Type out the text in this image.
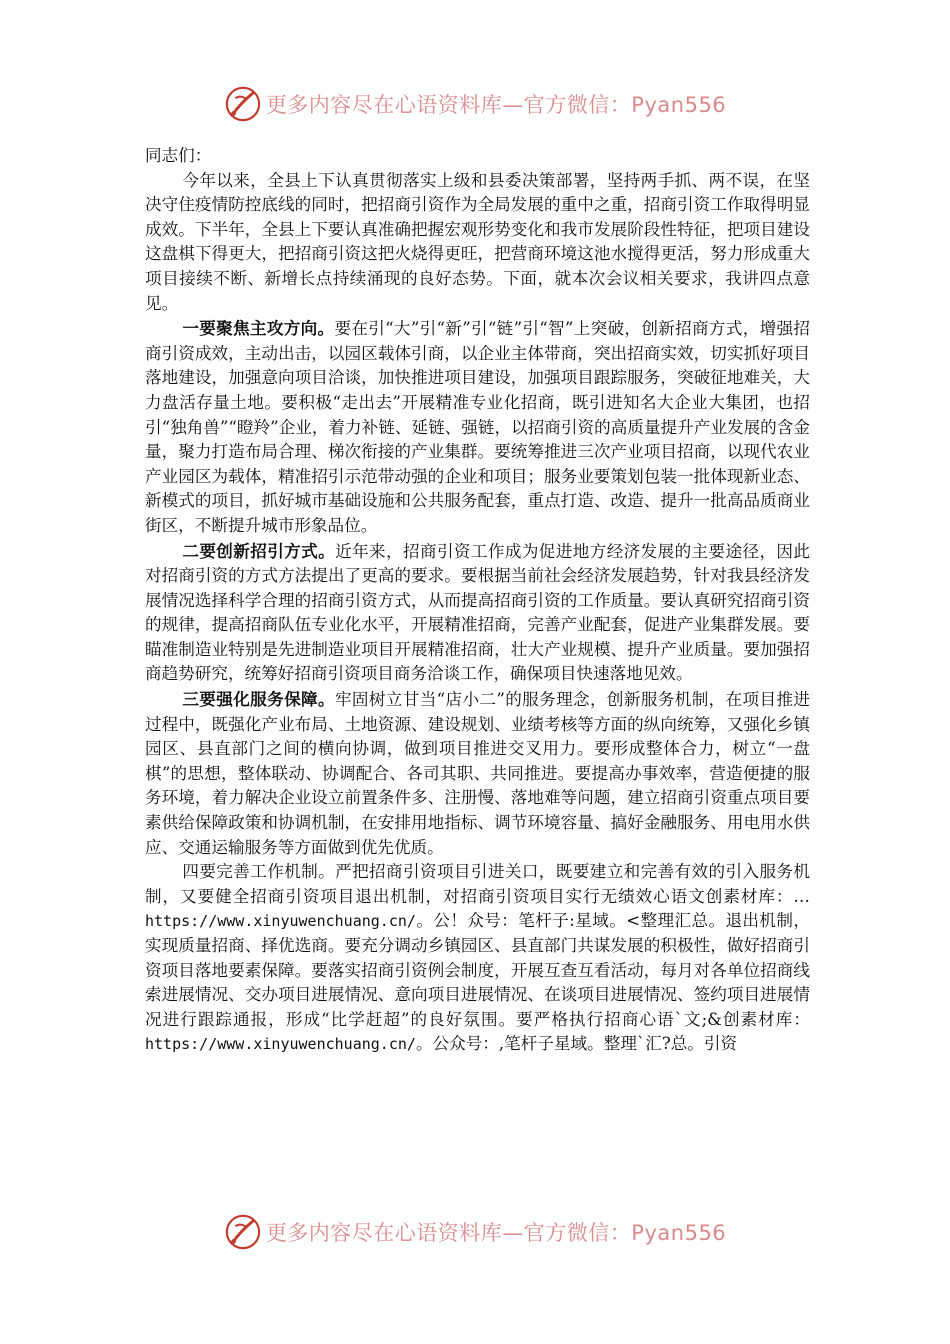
更多内容尽在心语资料库—官方微信：Pyan556

同志们：

今年以来，全县上下认真贯彻落实上级和县委决策部署，坚持两手抓、两不误，在坚决守住疫情防控底线的同时，把招商引资作为全局发展的重中之重，招商引资工作取得明显成效。下半年，全县上下要认真准确把握宏观形势变化和我市发展阶段性特征，把项目建设这盘棋下得更大，把招商引资这把火烧得更旺，把营商环境这池水搅得更活，努力形成重大项目接续不断、新增长点持续涌现的良好态势。下面，就本次会议相关要求，我讲四点意见。

一要聚焦主攻方向。要在引“大”引“新”引“链”引“智”上突破，创新招商方式，增强招商引资成效，主动出击，以园区载体引商，以企业主体带商，突出招商实效，切实抓好项目落地建设，加强意向项目洽谈，加快推进项目建设，加强项目跟踪服务，突破征地难关，大力盘活存量土地。要积极“走出去”开展精准专业化招商，既引进知名大企业大集团，也招引“独角兽”“瞪羚”企业，着力补链、延链、强链，以招商引资的高质量提升产业发展的含金量，聚力打造布局合理、梯次衔接的产业集群。要统筹推进三次产业项目招商，以现代农业产业园区为载体，精准招引示范带动强的企业和项目；服务业要策划包装一批体现新业态、新模式的项目，抓好城市基础设施和公共服务配套，重点打造、改造、提升一批高品质商业街区，不断提升城市形象品位。

二要创新招引方式。近年来，招商引资工作成为促进地方经济发展的主要途径，因此对招商引资的方式方法提出了更高的要求。要根据当前社会经济发展趋势，针对我县经济发展情况选择科学合理的招商引资方式，从而提高招商引资的工作质量。要认真研究招商引资的规律，提高招商队伍专业化水平，开展精准招商，完善产业配套，促进产业集群发展。要瞄准制造业特别是先进制造业项目开展精准招商，壮大产业规模、提升产业质量。要加强招商趋势研究，统筹好招商引资项目商务洽谈工作，确保项目快速落地见效。

三要强化服务保障。牢固树立甘当“店小二”的服务理念，创新服务机制，在项目推进过程中，既强化产业布局、土地资源、建设规划、业绩考核等方面的纵向统筹，又强化乡镇园区、县直部门之间的横向协调，做到项目推进交叉用力。要形成整体合力，树立“一盘棋”的思想，整体联动、协调配合、各司其职、共同推进。要提高办事效率，营造便捷的服务环境，着力解决企业设立前置条件多、注册慢、落地难等问题，建立招商引资重点项目要素供给保障政策和协调机制，在安排用地指标、调节环境容量、搞好金融服务、用电用水供应、交通运输服务等方面做到优先优质。

四要完善工作机制。严把招商引资项目引进关口，既要建立和完善有效的引入服务机制，又要健全招商引资项目退出机制，对招商引资项目实行无绩效心语文创素材库：…https://www.xinyuwenchuang.cn/。公！众号：笔杆子:星域。<整理汇总。退出机制，实现质量招商、择优选商。要充分调动乡镇园区、县直部门共谋发展的积极性，做好招商引资项目落地要素保障。要落实招商引资例会制度，开展互查互看活动，每月对各单位招商线索进展情况、交办项目进展情况、意向项目进展情况、在谈项目进展情况、签约项目进展情况进行跟踪通报，形成“比学赶超”的良好氛围。要严格执行招商心语`文;&创素材库：https://www.xinyuwenchuang.cn/。公众号：,笔杆子星域。整理`汇?总。引资

更多内容尽在心语资料库—官方微信：Pyan556
